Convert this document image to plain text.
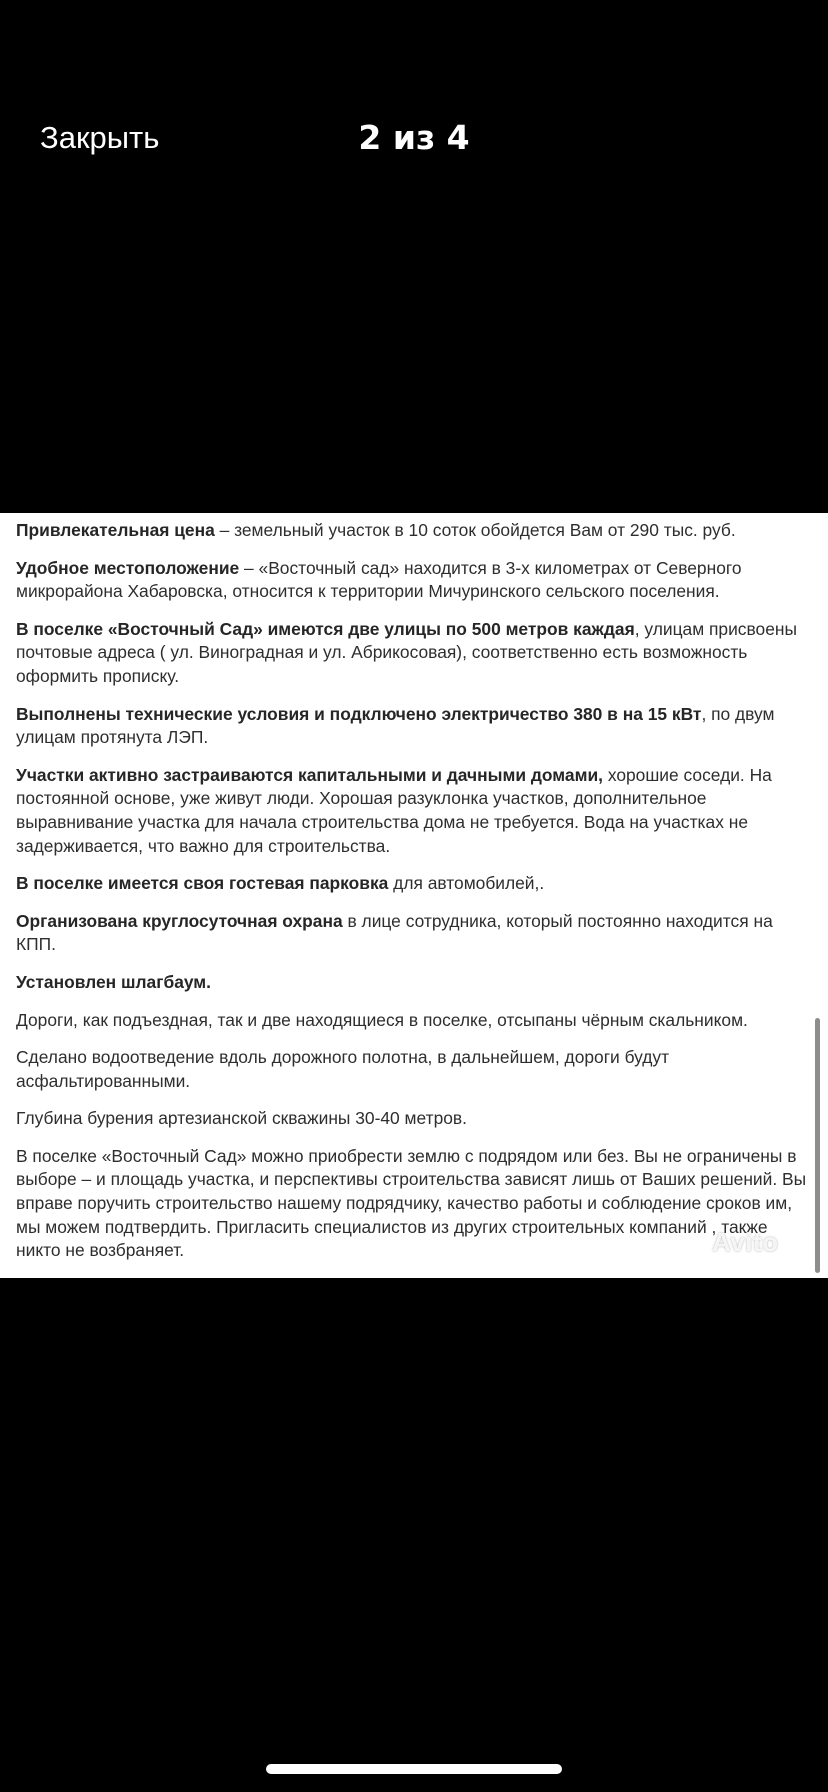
Закрыть	2 из 4

Привлекательная цена – земельный участок в 10 соток обойдется Вам от 290 тыс. руб.

Удобное местоположение – «Восточный сад» находится в 3-х километрах от Северного микрорайона Хабаровска, относится к территории Мичуринского сельского поселения.

В поселке «Восточный Сад» имеются две улицы по 500 метров каждая, улицам присвоены почтовые адреса ( ул. Виноградная и ул. Абрикосовая), соответственно есть возможность оформить прописку.

Выполнены технические условия и подключено электричество 380 в на 15 кВт, по двум улицам протянута ЛЭП.

Участки активно застраиваются капитальными и дачными домами, хорошие соседи. На постоянной основе, уже живут люди. Хорошая разуклонка участков, дополнительное выравнивание участка для начала строительства дома не требуется. Вода на участках не задерживается, что важно для строительства.

В поселке имеется своя гостевая парковка для автомобилей,.

Организована круглосуточная охрана в лице сотрудника, который постоянно находится на КПП.

Установлен шлагбаум.

Дороги, как подъездная, так и две находящиеся в поселке, отсыпаны чёрным скальником.

Сделано водоотведение вдоль дорожного полотна, в дальнейшем, дороги будут асфальтированными.

Глубина бурения артезианской скважины 30-40 метров.

В поселке «Восточный Сад» можно приобрести землю с подрядом или без. Вы не ограничены в выборе – и площадь участка, и перспективы строительства зависят лишь от Ваших решений. Вы вправе поручить строительство нашему подрядчику, качество работы и соблюдение сроков им, мы можем подтвердить. Пригласить специалистов из других строительных компаний , также никто не возбраняет.	Avito
